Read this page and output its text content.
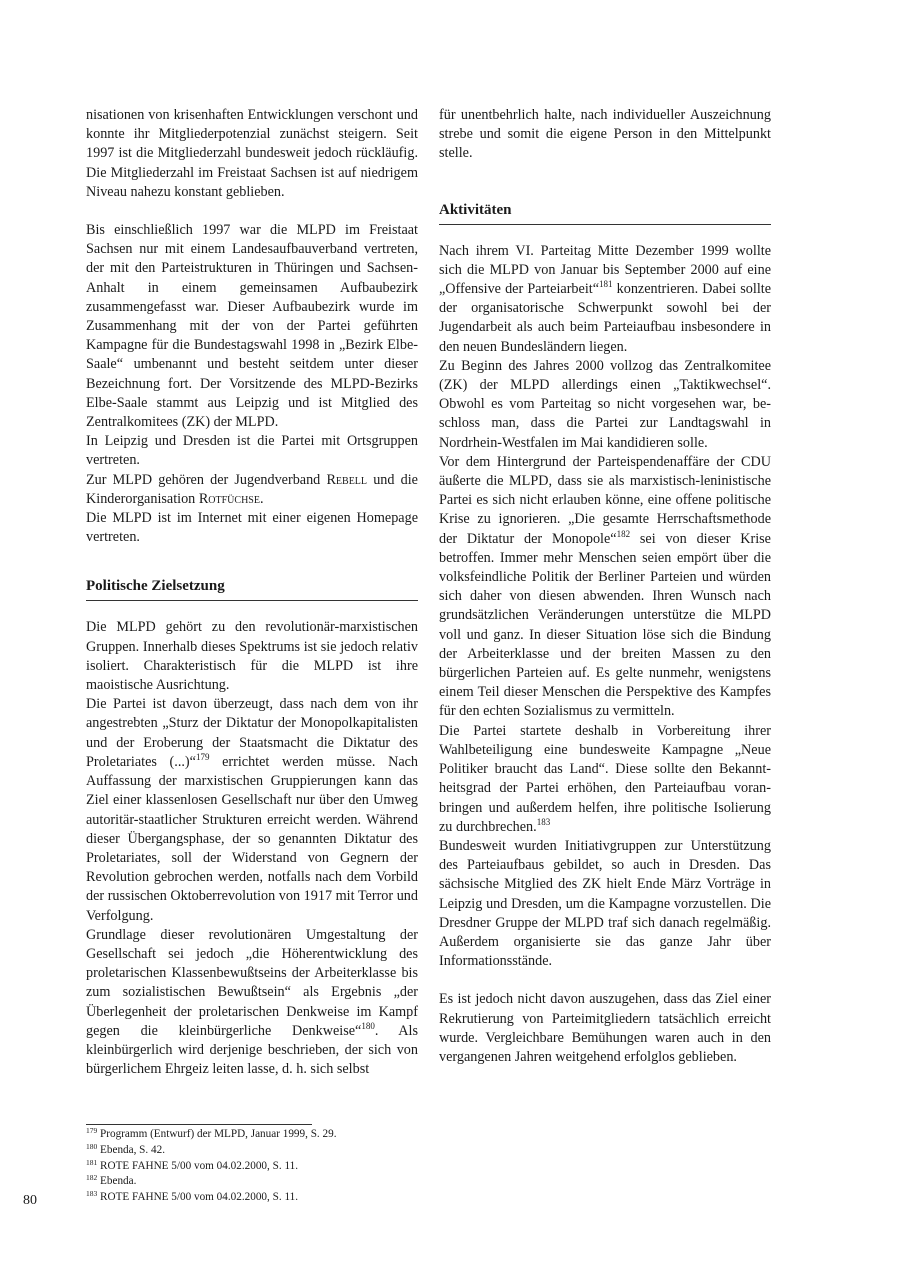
nisationen von krisenhaften Entwicklungen verschont und konnte ihr Mitgliederpotenzial zunächst steigern. Seit 1997 ist die Mitgliederzahl bundesweit jedoch rückläufig. Die Mitgliederzahl im Freistaat Sachsen ist auf niedrigem Niveau nahezu konstant geblieben.

Bis einschließlich 1997 war die MLPD im Freistaat Sachsen nur mit einem Landesaufbauverband vertreten, der mit den Parteistrukturen in Thüringen und Sachsen-Anhalt in einem gemeinsamen Aufbaubezirk zusammengefasst war. Dieser Aufbaubezirk wurde im Zusammenhang mit der von der Partei geführten Kampagne für die Bundestagswahl 1998 in „Bezirk Elbe-Saale“ umbenannt und besteht seitdem unter dieser Bezeichnung fort. Der Vorsitzende des MLPD-Bezirks Elbe-Saale stammt aus Leipzig und ist Mitglied des Zentralkomitees (ZK) der MLPD.

In Leipzig und Dresden ist die Partei mit Ortsgruppen vertreten.

Zur MLPD gehören der Jugendverband Rebell und die Kinderorganisation Rotfüchse.

Die MLPD ist im Internet mit einer eigenen Homepage vertreten.

Politische Zielsetzung

Die MLPD gehört zu den revolutionär-marxistischen Gruppen. Innerhalb dieses Spektrums ist sie jedoch relativ isoliert. Charakteristisch für die MLPD ist ihre maoistische Ausrichtung.

Die Partei ist davon überzeugt, dass nach dem von ihr angestrebten „Sturz der Diktatur der Monopolkapitalisten und der Eroberung der Staatsmacht die Diktatur des Proletariates (...)“$^{179}$ errichtet werden müsse. Nach Auffassung der marxistischen Gruppierungen kann das Ziel einer klassenlosen Gesellschaft nur über den Umweg autoritär-staatlicher Strukturen erreicht werden. Während dieser Übergangsphase, der so genannten Diktatur des Proletariates, soll der Widerstand von Gegnern der Revolution gebrochen werden, notfalls nach dem Vorbild der russischen Oktoberrevolution von 1917 mit Terror und Verfolgung.

Grundlage dieser revolutionären Umgestaltung der Gesellschaft sei jedoch „die Höherentwicklung des proletarischen Klassenbewußtseins der Arbeiterklasse bis zum sozialistischen Bewußtsein“ als Ergebnis „der Überlegenheit der proletarischen Denkweise im Kampf gegen die kleinbürgerliche Denkweise“$^{180}$. Als kleinbürgerlich wird derjenige beschrieben, der sich von bürgerlichem Ehrgeiz leiten lasse, d. h. sich selbst

für unentbehrlich halte, nach individueller Auszeichnung strebe und somit die eigene Person in den Mittelpunkt stelle.

Aktivitäten

Nach ihrem VI. Parteitag Mitte Dezember 1999 wollte sich die MLPD von Januar bis September 2000 auf eine „Offensive der Parteiarbeit“$^{181}$ konzentrieren. Dabei sollte der organisatorische Schwerpunkt sowohl bei der Jugendarbeit als auch beim Parteiaufbau insbesondere in den neuen Bundesländern liegen.

Zu Beginn des Jahres 2000 vollzog das Zentralkomitee (ZK) der MLPD allerdings einen „Taktikwechsel“. Obwohl es vom Parteitag so nicht vorgesehen war, beschloss man, dass die Partei zur Landtagswahl in Nordrhein-Westfalen im Mai kandidieren solle.

Vor dem Hintergrund der Parteispendenaffäre der CDU äußerte die MLPD, dass sie als marxistisch-leninistische Partei es sich nicht erlauben könne, eine offene politische Krise zu ignorieren. „Die gesamte Herrschaftsmethode der Diktatur der Monopole“$^{182}$ sei von dieser Krise betroffen. Immer mehr Menschen seien empört über die volksfeindliche Politik der Berliner Parteien und würden sich daher von diesen abwenden. Ihren Wunsch nach grundsätzlichen Veränderungen unterstütze die MLPD voll und ganz. In dieser Situation löse sich die Bindung der Arbeiterklasse und der breiten Massen zu den bürgerlichen Parteien auf. Es gelte nunmehr, wenigstens einem Teil dieser Menschen die Perspektive des Kampfes für den echten Sozialismus zu vermitteln.

Die Partei startete deshalb in Vorbereitung ihrer Wahlbeteiligung eine bundesweite Kampagne „Neue Politiker braucht das Land“. Diese sollte den Bekanntheitsgrad der Partei erhöhen, den Parteiaufbau voranbringen und außerdem helfen, ihre politische Isolierung zu durchbrechen.$^{183}$

Bundesweit wurden Initiativgruppen zur Unterstützung des Parteiaufbaus gebildet, so auch in Dresden. Das sächsische Mitglied des ZK hielt Ende März Vorträge in Leipzig und Dresden, um die Kampagne vorzustellen. Die Dresdner Gruppe der MLPD traf sich danach regelmäßig. Außerdem organisierte sie das ganze Jahr über Informationsstände.

Es ist jedoch nicht davon auszugehen, dass das Ziel einer Rekrutierung von Parteimitgliedern tatsächlich erreicht wurde. Vergleichbare Bemühungen waren auch in den vergangenen Jahren weitgehend erfolglos geblieben.

$^{179}$ Programm (Entwurf) der MLPD, Januar 1999, S. 29.

$^{180}$ Ebenda, S. 42.

$^{181}$ ROTE FAHNE 5/00 vom 04.02.2000, S. 11.

$^{182}$ Ebenda.

$^{183}$ ROTE FAHNE 5/00 vom 04.02.2000, S. 11.

80
